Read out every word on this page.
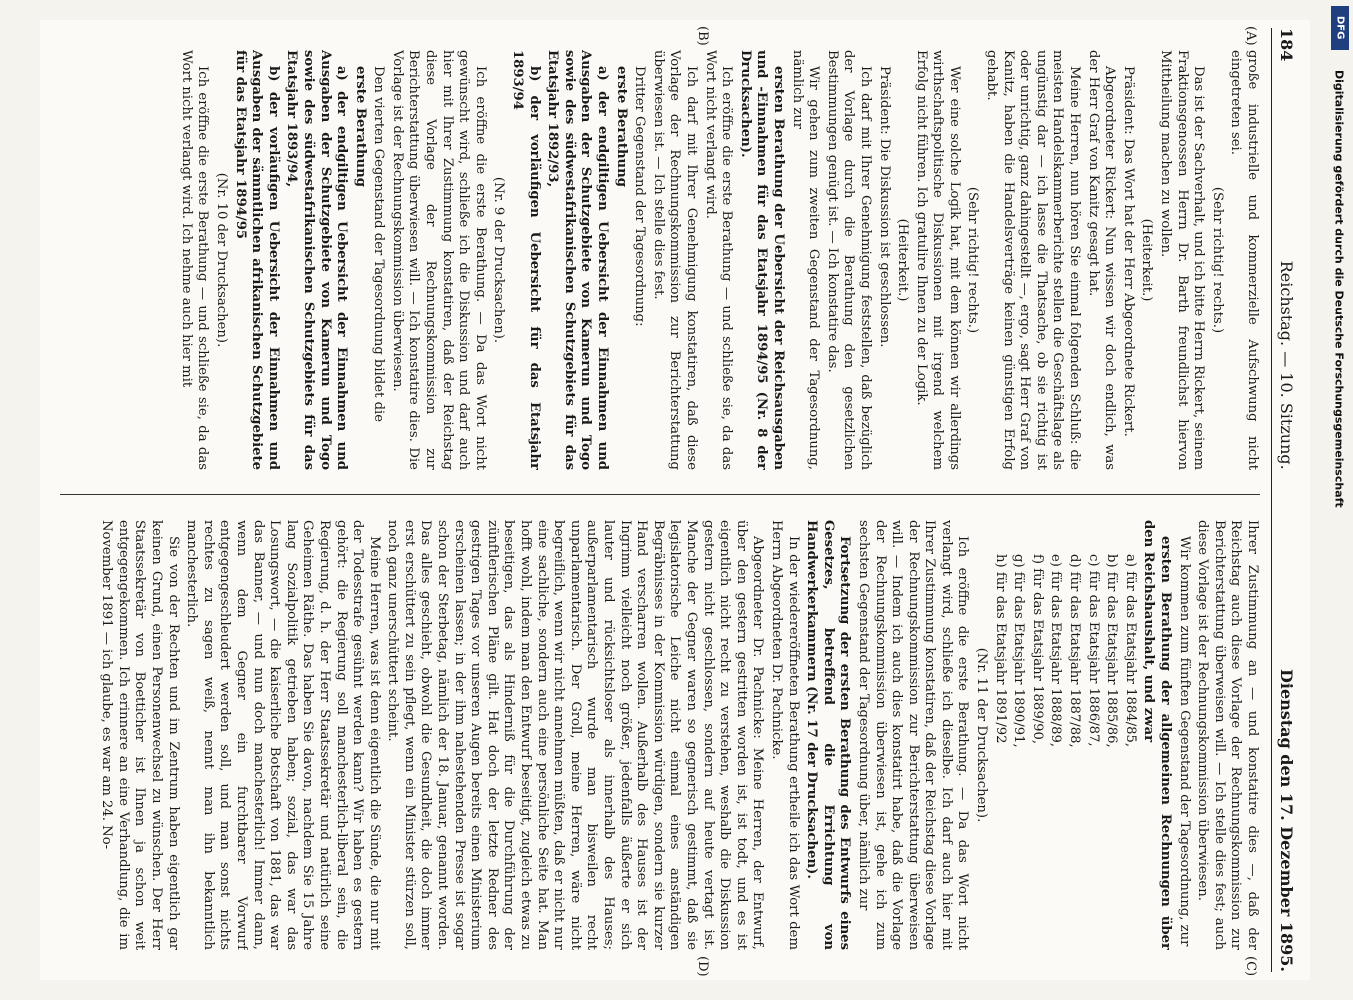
184
Reichstag. — 10. Sitzung.
Dienstag den 17. Dezember 1895.
(A)
(B)
(C)
(D)

große industrielle und kommerzielle Aufschwung nicht eingetreten sei.

(Sehr richtig! rechts.)

Das ist der Sachverhalt, und ich bitte Herrn Rickert, seinem Fraktionsgenossen Herrn Dr. Barth freundlichst hiervon Mittheilung machen zu wollen.

(Heiterkeit.)

Präsident: Das Wort hat der Herr Abgeordnete Rickert.

Abgeordneter Rickert: Nun wissen wir doch endlich, was der Herr Graf von Kanitz gesagt hat.

Meine Herren, nun hören Sie einmal folgenden Schluß: die meisten Handelskammerberichte stellen die Geschäftslage als ungünstig dar — ich lasse die Thatsache, ob sie richtig ist oder unrichtig, ganz dahingestellt —, ergo, sagt Herr Graf von Kanitz, haben die Handelsverträge keinen günstigen Erfolg gehabt.

(Sehr richtig! rechts.)

Wer eine solche Logik hat, mit dem können wir allerdings wirthschaftspolitische Diskussionen mit irgend welchem Erfolg nicht führen. Ich gratulire Ihnen zu der Logik.

(Heiterkeit.)

Präsident: Die Diskussion ist geschlossen.

Ich darf mit Ihrer Genehmigung feststellen, daß bezüglich der Vorlage durch die Berathung den gesetzlichen Bestimmungen genügt ist. — Ich konstatire das.

Wir gehen zum zweiten Gegenstand der Tagesordnung, nämlich zur

ersten Berathung der Uebersicht der Reichsausgaben und -Einnahmen für das Etatsjahr 1894/95 (Nr. 8 der Drucksachen).

Ich eröffne die erste Berathung — und schließe sie, da das Wort nicht verlangt wird.

Ich darf mit Ihrer Genehmigung konstatiren, daß diese Vorlage der Rechnungskommission zur Berichterstattung überwiesen ist. — Ich stelle dies fest.

Dritter Gegenstand der Tagesordnung:

erste Berathung

a) der endgiltigen Uebersicht der Einnahmen und Ausgaben der Schutzgebiete von Kamerun und Togo sowie des südwestafrikanischen Schutzgebiets für das Etatsjahr 1892/93,

b) der vorläufigen Uebersicht für das Etatsjahr 1893/94

(Nr. 9 der Drucksachen).

Ich eröffne die erste Berathung. — Da das Wort nicht gewünscht wird, schließe ich die Diskussion und darf auch hier mit Ihrer Zustimmung konstatiren, daß der Reichstag diese Vorlage der Rechnungskommission zur Berichterstattung überwiesen will. — Ich konstatire dies. Die Vorlage ist der Rechnungskommission überwiesen.

Den vierten Gegenstand der Tagesordnung bildet die

erste Berathung

a) der endgiltigen Uebersicht der Einnahmen und Ausgaben der Schutzgebiete von Kamerun und Togo sowie des südwestafrikanischen Schutzgebiets für das Etatsjahr 1893/94,

b) der vorläufigen Uebersicht der Einnahmen und Ausgaben der sämmtlichen afrikanischen Schutzgebiete für das Etatsjahr 1894/95

(Nr. 10 der Drucksachen).

Ich eröffne die erste Berathung — und schließe sie, da das Wort nicht verlangt wird. Ich nehme auch hier mit

Ihrer Zustimmung an — und konstatire dies —, daß der Reichstag auch diese Vorlage der Rechnungskommission zur Berichterstattung überweisen will. — Ich stelle dies fest; auch diese Vorlage ist der Rechnungskommission überwiesen.

Wir kommen zum fünften Gegenstand der Tagesordnung, zur

ersten Berathung der allgemeinen Rechnungen über den Reichshaushalt, und zwar

a) für das Etatsjahr 1884/85,

b) für das Etatsjahr 1885/86,

c) für das Etatsjahr 1886/87,

d) für das Etatsjahr 1887/88,

e) für das Etatsjahr 1888/89,

f) für das Etatsjahr 1889/90,

g) für das Etatsjahr 1890/91,

h) für das Etatsjahr 1891/92

(Nr. 11 der Drucksachen).

Ich eröffne die erste Berathung. — Da das Wort nicht verlangt wird, schließe ich dieselbe. Ich darf auch hier mit Ihrer Zustimmung konstatiren, daß der Reichstag diese Vorlage der Rechnungskommission zur Berichterstattung überweisen will. — Indem ich auch dies konstatirt habe, daß die Vorlage der Rechnungskommission überwiesen ist, gehe ich zum sechsten Gegenstand der Tagesordnung über, nämlich zur

Fortsetzung der ersten Berathung des Entwurfs eines Gesetzes, betreffend die Errichtung von Handwerkerkammern (Nr. 17 der Drucksachen).

In der wiedereröffneten Berathung ertheile ich das Wort dem Herrn Abgeordneten Dr. Pachnicke.

Abgeordneter Dr. Pachnicke: Meine Herren, der Entwurf, über den gestern gestritten worden ist, ist todt, und es ist eigentlich nicht recht zu verstehen, weshalb die Diskussion gestern nicht geschlossen, sondern auf heute vertagt ist. Manche der Gegner waren so gegnerisch gestimmt, daß sie legislatorische Leiche nicht einmal eines anständigen Begräbnisses in der Kommission würdigen, sondern sie kurzer Hand verscharren wollen. Außerhalb des Hauses ist der Ingrimm vielleicht noch größer, jedenfalls äußerte er sich lauter und rücksichtsloser als innerhalb des Hauses; außerparlamentarisch wurde man bisweilen recht unparlamentarisch. Der Groll, meine Herren, wäre nicht begreiflich, wenn wir nicht annehmen müßten, daß er nicht nur eine sachliche, sondern auch eine persönliche Seite hat. Man hofft wohl, indem man den Entwurf beseitigt, zugleich etwas zu beseitigen, das als Hinderniß für die Durchführung der zünftlerischen Pläne gilt. Hat doch der letzte Redner des gestrigen Tages vor unseren Augen bereits einen Ministerium erscheinen lassen; in der ihm nahestehenden Presse ist sogar schon der Sterbetag, nämlich der 18. Januar, genannt worden. Das alles geschieht, obwohl die Gesundheit, die doch immer erst erschüttert zu sein pflegt, wenn ein Minister stürzen soll, noch ganz unerschüttert scheint.

Meine Herren, was ist denn eigentlich die Sünde, die nur mit der Todesstrafe gesühnt werden kann? Wir haben es gestern gehört: die Regierung soll manchesterlich-liberal sein, die Regierung, d. h. der Herr Staatssekretär und natürlich seine Geheimen Räthe. Das haben Sie davon, nachdem Sie 15 Jahre lang Sozialpolitik getrieben haben; sozial, das war das Losungswort, — die kaiserliche Botschaft von 1881, das war das Banner, — und nun doch manchesterlich! Immer dann, wenn dem Gegner ein furchtbarer Vorwurf entgegengeschleudert werden soll, und man sonst nichts rechtes zu sagen weiß, nennt man ihn bekanntlich manchesterlich.

Sie von der Rechten und im Zentrum haben eigentlich gar keinen Grund, einen Personenwechsel zu wünschen. Der Herr Staatssekretär von Boetticher ist Ihnen ja schon weit entgegengekommen. Ich erinnere an eine Verhandlung, die im November 1891 — ich glaube, es war am 24. No-

DFG
Digitalisierung gefördert durch die Deutsche Forschungsgemeinschaft
